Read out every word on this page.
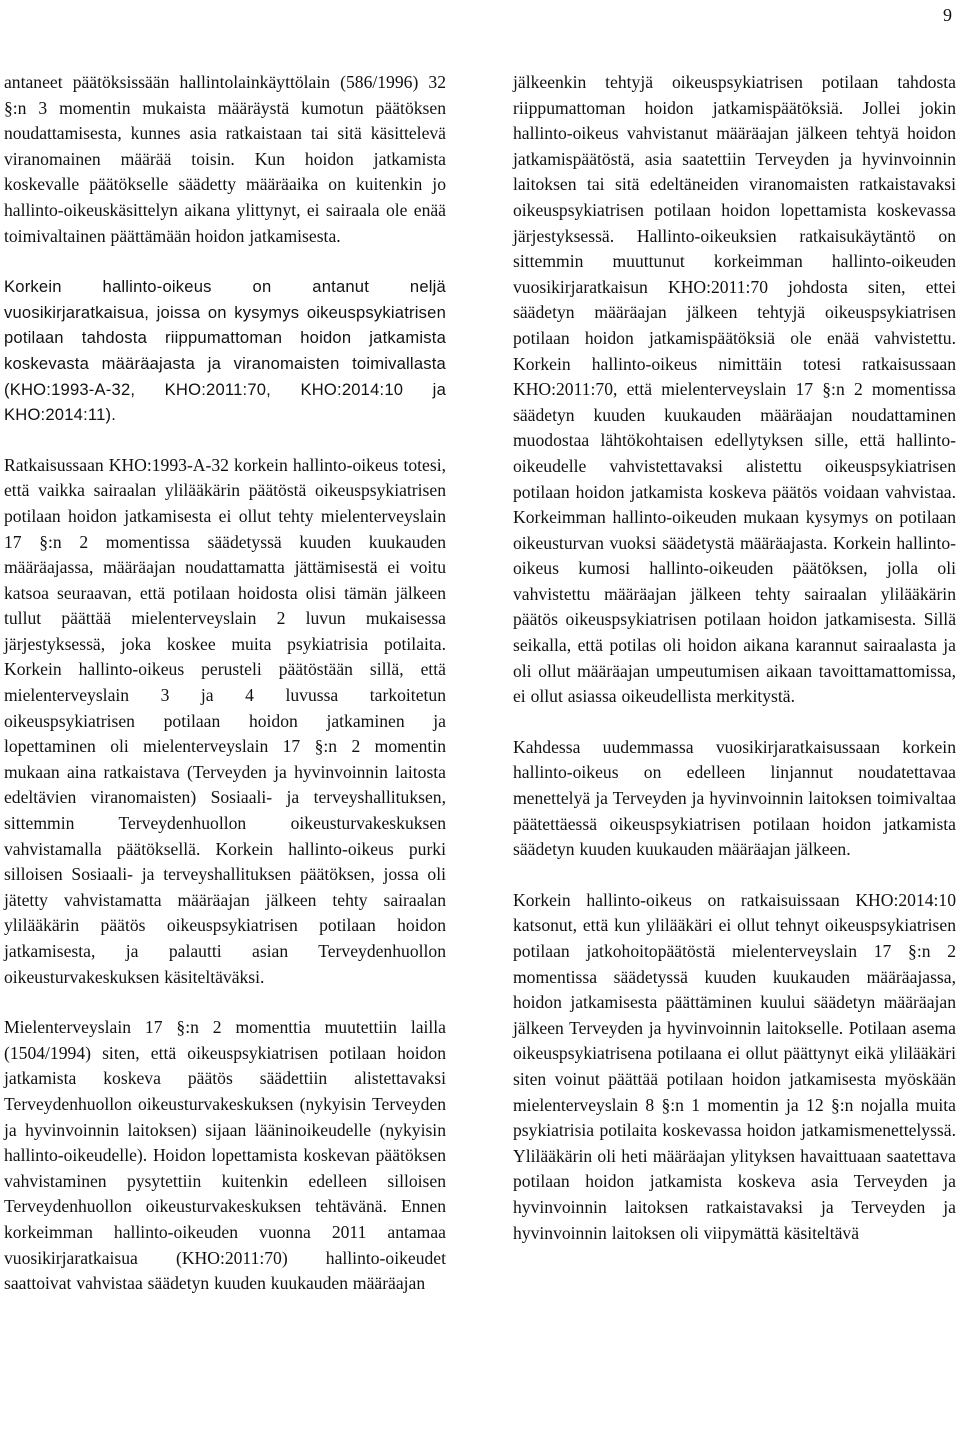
9

antaneet päätöksissään hallintolainkäyttölain (586/1996) 32 §:n 3 momentin mukaista määräystä kumotun päätöksen noudattamisesta, kunnes asia ratkaistaan tai sitä käsittelevä viranomainen määrää toisin. Kun hoidon jatkamista koskevalle päätökselle säädetty määräaika on kuitenkin jo hallinto-oikeuskäsittelyn aikana ylittynyt, ei sairaala ole enää toimivaltainen päättämään hoidon jatkamisesta.

Korkein hallinto-oikeus on antanut neljä vuosikirjaratkaisua, joissa on kysymys oikeuspsykiatrisen potilaan tahdosta riippumattoman hoidon jatkamista koskevasta määräajasta ja viranomaisten toimivallasta (KHO:1993-A-32, KHO:2011:70, KHO:2014:10 ja KHO:2014:11).

Ratkaisussaan KHO:1993-A-32 korkein hallinto-oikeus totesi, että vaikka sairaalan ylilääkärin päätöstä oikeuspsykiatrisen potilaan hoidon jatkamisesta ei ollut tehty mielenterveyslain 17 §:n 2 momentissa säädetyssä kuuden kuukauden määräajassa, määräajan noudattamatta jättämisestä ei voitu katsoa seuraavan, että potilaan hoidosta olisi tämän jälkeen tullut päättää mielenterveyslain 2 luvun mukaisessa järjestyksessä, joka koskee muita psykiatrisia potilaita. Korkein hallinto-oikeus perusteli päätöstään sillä, että mielenterveyslain 3 ja 4 luvussa tarkoitetun oikeuspsykiatrisen potilaan hoidon jatkaminen ja lopettaminen oli mielenterveyslain 17 §:n 2 momentin mukaan aina ratkaistava (Terveyden ja hyvinvoinnin laitosta edeltävien viranomaisten) Sosiaali- ja terveyshallituksen, sittemmin Terveydenhuollon oikeusturvakeskuksen vahvistamalla päätöksellä. Korkein hallinto-oikeus purki silloisen Sosiaali- ja terveyshallituksen päätöksen, jossa oli jätetty vahvistamatta määräajan jälkeen tehty sairaalan ylilääkärin päätös oikeuspsykiatrisen potilaan hoidon jatkamisesta, ja palautti asian Terveydenhuollon oikeusturvakeskuksen käsiteltäväksi.

Mielenterveyslain 17 §:n 2 momenttia muutettiin lailla (1504/1994) siten, että oikeuspsykiatrisen potilaan hoidon jatkamista koskeva päätös säädettiin alistettavaksi Terveydenhuollon oikeusturvakeskuksen (nykyisin Terveyden ja hyvinvoinnin laitoksen) sijaan lääninoikeudelle (nykyisin hallinto-oikeudelle). Hoidon lopettamista koskevan päätöksen vahvistaminen pysytettiin kuitenkin edelleen silloisen Terveydenhuollon oikeusturvakeskuksen tehtävänä. Ennen korkeimman hallinto-oikeuden vuonna 2011 antamaa vuosikirjaratkaisua (KHO:2011:70) hallinto-oikeudet saattoivat vahvistaa säädetyn kuuden kuukauden määräajan

jälkeenkin tehtyjä oikeuspsykiatrisen potilaan tahdosta riippumattoman hoidon jatkamispäätöksiä. Jollei jokin hallinto-oikeus vahvistanut määräajan jälkeen tehtyä hoidon jatkamispäätöstä, asia saatettiin Terveyden ja hyvinvoinnin laitoksen tai sitä edeltäneiden viranomaisten ratkaistavaksi oikeuspsykiatrisen potilaan hoidon lopettamista koskevassa järjestyksessä. Hallinto-oikeuksien ratkaisukäytäntö on sittemmin muuttunut korkeimman hallinto-oikeuden vuosikirjaratkaisun KHO:2011:70 johdosta siten, ettei säädetyn määräajan jälkeen tehtyjä oikeuspsykiatrisen potilaan hoidon jatkamispäätöksiä ole enää vahvistettu. Korkein hallinto-oikeus nimittäin totesi ratkaisussaan KHO:2011:70, että mielenterveyslain 17 §:n 2 momentissa säädetyn kuuden kuukauden määräajan noudattaminen muodostaa lähtökohtaisen edellytyksen sille, että hallinto-oikeudelle vahvistettavaksi alistettu oikeuspsykiatrisen potilaan hoidon jatkamista koskeva päätös voidaan vahvistaa. Korkeimman hallinto-oikeuden mukaan kysymys on potilaan oikeusturvan vuoksi säädetystä määräajasta. Korkein hallinto-oikeus kumosi hallinto-oikeuden päätöksen, jolla oli vahvistettu määräajan jälkeen tehty sairaalan ylilääkärin päätös oikeuspsykiatrisen potilaan hoidon jatkamisesta. Sillä seikalla, että potilas oli hoidon aikana karannut sairaalasta ja oli ollut määräajan umpeutumisen aikaan tavoittamattomissa, ei ollut asiassa oikeudellista merkitystä.

Kahdessa uudemmassa vuosikirjaratkaisussaan korkein hallinto-oikeus on edelleen linjannut noudatettavaa menettelyä ja Terveyden ja hyvinvoinnin laitoksen toimivaltaa päätettäessä oikeuspsykiatrisen potilaan hoidon jatkamista säädetyn kuuden kuukauden määräajan jälkeen.

Korkein hallinto-oikeus on ratkaisuissaan KHO:2014:10 katsonut, että kun ylilääkäri ei ollut tehnyt oikeuspsykiatrisen potilaan jatkohoitopäätöstä mielenterveyslain 17 §:n 2 momentissa säädetyssä kuuden kuukauden määräajassa, hoidon jatkamisesta päättäminen kuului säädetyn määräajan jälkeen Terveyden ja hyvinvoinnin laitokselle. Potilaan asema oikeuspsykiatrisena potilaana ei ollut päättynyt eikä ylilääkäri siten voinut päättää potilaan hoidon jatkamisesta myöskään mielenterveyslain 8 §:n 1 momentin ja 12 §:n nojalla muita psykiatrisia potilaita koskevassa hoidon jatkamismenettelyssä. Ylilääkärin oli heti määräajan ylityksen havaittuaan saatettava potilaan hoidon jatkamista koskeva asia Terveyden ja hyvinvoinnin laitoksen ratkaistavaksi ja Terveyden ja hyvinvoinnin laitoksen oli viipymättä käsiteltävä
